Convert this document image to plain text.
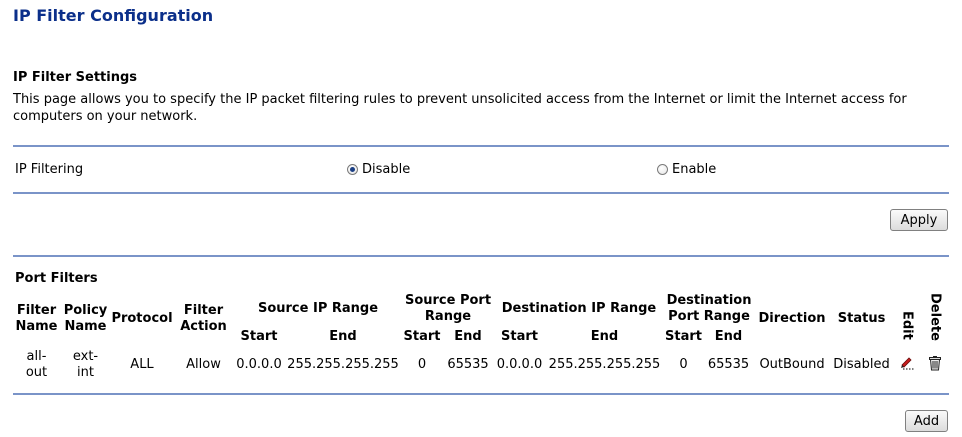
IP Filter Configuration
IP Filter Settings
This page allows you to specify the IP packet filtering rules to prevent unsolicited access from the Internet or limit the Internet access for computers on your network.
IP Filtering	Disable	Enable
Apply
Port Filters
Filter Name	Policy Name	Protocol	Filter Action	Source IP Range		Source Port Range		Destination IP Range		Destination Port Range		Direction	Status	Edit	Delete
				Start	End	Start	End	Start	End	Start	End				

all-out	ext-int	ALL	Allow	0.0.0.0	255.255.255.255	0	65535	0.0.0.0	255.255.255.255	0	65535	OutBound	Disabled		
Add
